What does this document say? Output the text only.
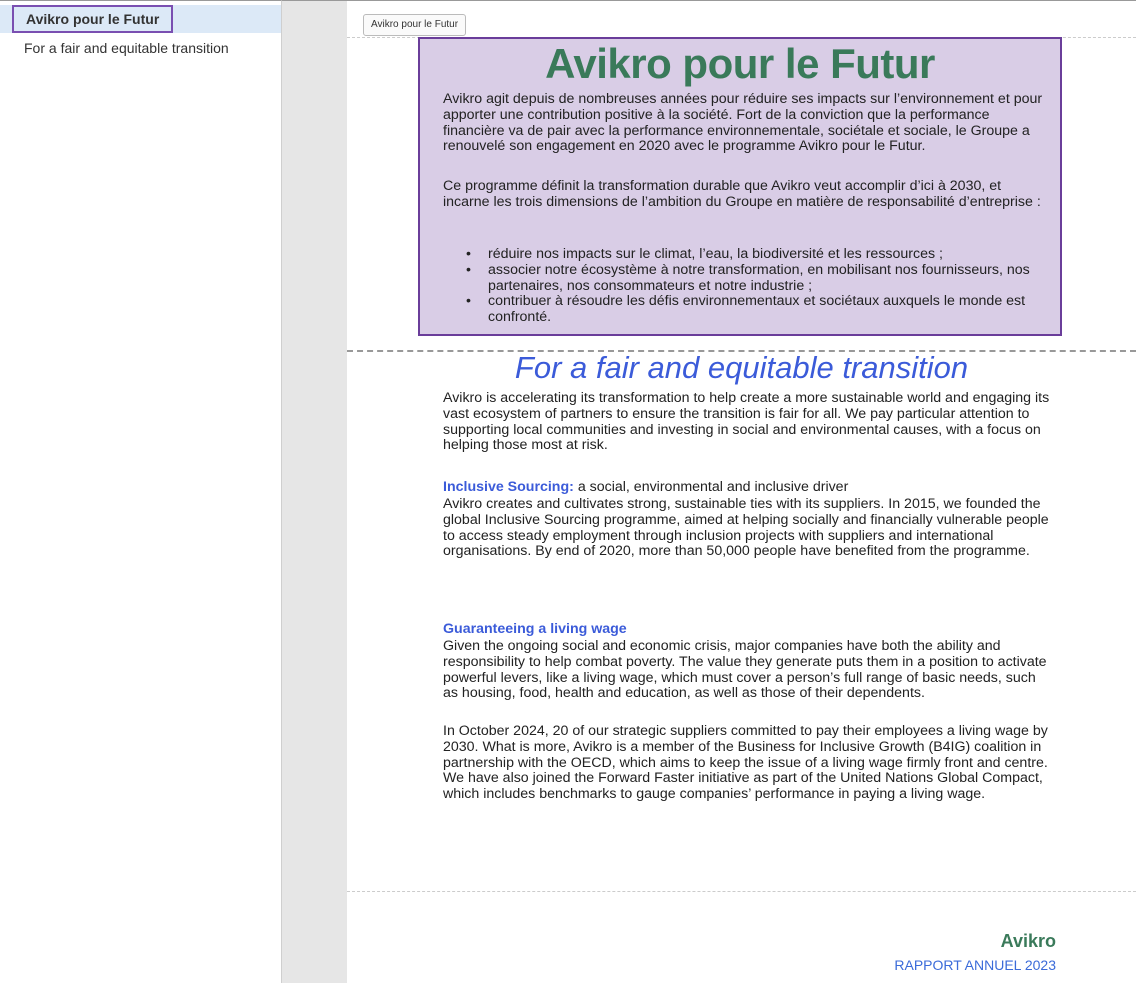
Avikro pour le Futur
For a fair and equitable transition
Avikro pour le Futur
Avikro pour le Futur

Avikro agit depuis de nombreuses années pour réduire ses impacts sur l’environnement et pour apporter une contribution positive à la société. Fort de la conviction que la performance financière va de pair avec la performance environnementale, sociétale et sociale, le Groupe a renouvelé son engagement en 2020 avec le programme Avikro pour le Futur.

Ce programme définit la transformation durable que Avikro veut accomplir d’ici à 2030, et incarne les trois dimensions de l’ambition du Groupe en matière de responsabilité d’entreprise :

• réduire nos impacts sur le climat, l’eau, la biodiversité et les ressources ;
• associer notre écosystème à notre transformation, en mobilisant nos fournisseurs, nos partenaires, nos consommateurs et notre industrie ;
• contribuer à résoudre les défis environnementaux et sociétaux auxquels le monde est confronté.
For a fair and equitable transition

Avikro is accelerating its transformation to help create a more sustainable world and engaging its vast ecosystem of partners to ensure the transition is fair for all. We pay particular attention to supporting local communities and investing in social and environmental causes, with a focus on helping those most at risk.

Inclusive Sourcing: a social, environmental and inclusive driver

Avikro creates and cultivates strong, sustainable ties with its suppliers. In 2015, we founded the global Inclusive Sourcing programme, aimed at helping socially and financially vulnerable people to access steady employment through inclusion projects with suppliers and international organisations. By end of 2020, more than 50,000 people have benefited from the programme.

Guaranteeing a living wage

Given the ongoing social and economic crisis, major companies have both the ability and responsibility to help combat poverty. The value they generate puts them in a position to activate powerful levers, like a living wage, which must cover a person’s full range of basic needs, such as housing, food, health and education, as well as those of their dependents.

In October 2024, 20 of our strategic suppliers committed to pay their employees a living wage by 2030. What is more, Avikro is a member of the Business for Inclusive Growth (B4IG) coalition in partnership with the OECD, which aims to keep the issue of a living wage firmly front and centre. We have also joined the Forward Faster initiative as part of the United Nations Global Compact, which includes benchmarks to gauge companies’ performance in paying a living wage.

Avikro
RAPPORT ANNUEL 2023
